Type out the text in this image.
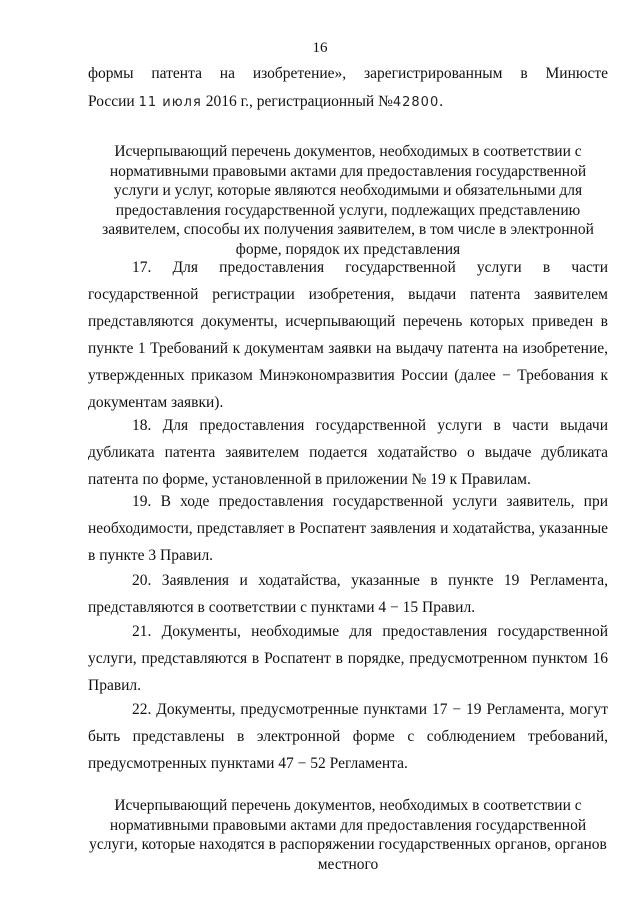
16
формы патента на изобретение», зарегистрированным в Минюсте
России 11 июля 2016 г., регистрационный №42800.
Исчерпывающий перечень документов, необходимых в соответствии с нормативными правовыми актами для предоставления государственной услуги и услуг, которые являются необходимыми и обязательными для предоставления государственной услуги, подлежащих представлению заявителем, способы их получения заявителем, в том числе в электронной форме, порядок их представления
17. Для предоставления государственной услуги в части государственной регистрации изобретения, выдачи патента заявителем представляются документы, исчерпывающий перечень которых приведен в пункте 1 Требований к документам заявки на выдачу патента на изобретение, утвержденных приказом Минэкономразвития России (далее − Требования к документам заявки).
18. Для предоставления государственной услуги в части выдачи дубликата патента заявителем подается ходатайство о выдаче дубликата патента по форме, установленной в приложении № 19 к Правилам.
19. В ходе предоставления государственной услуги заявитель, при необходимости, представляет в Роспатент заявления и ходатайства, указанные в пункте 3 Правил.
20. Заявления и ходатайства, указанные в пункте 19 Регламента, представляются в соответствии с пунктами 4 − 15 Правил.
21. Документы, необходимые для предоставления государственной услуги, представляются в Роспатент в порядке, предусмотренном пунктом 16 Правил.
22. Документы, предусмотренные пунктами 17 − 19 Регламента, могут быть представлены в электронной форме с соблюдением требований, предусмотренных пунктами 47 − 52 Регламента.
Исчерпывающий перечень документов, необходимых в соответствии с нормативными правовыми актами для предоставления государственной услуги, которые находятся в распоряжении государственных органов, органов местного
